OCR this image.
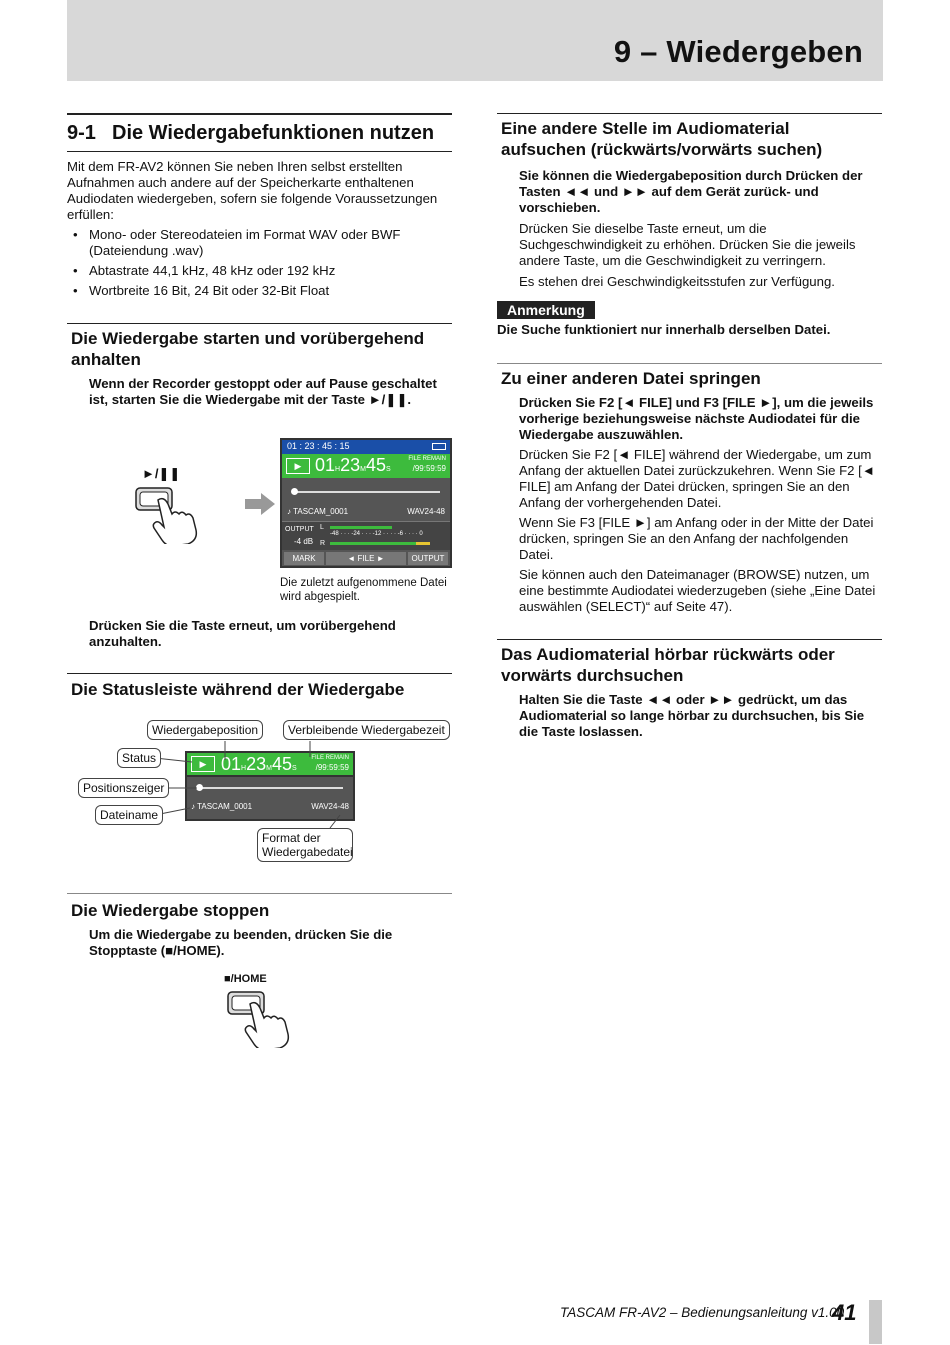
9 – Wiedergeben
9-1 Die Wiedergabefunktionen nutzen

Mit dem FR-AV2 können Sie neben Ihren selbst erstellten Aufnahmen auch andere auf der Speicherkarte enthaltenen Audiodaten wiedergeben, sofern sie folgende Voraussetzungen erfüllen:

• Mono- oder Stereodateien im Format WAV oder BWF (Dateiendung .wav)
• Abtastrate 44,1 kHz, 48 kHz oder 192 kHz
• Wortbreite 16 Bit, 24 Bit oder 32-Bit Float
Die Wiedergabe starten und vorübergehend anhalten

Wenn der Recorder gestoppt oder auf Pause geschaltet ist, starten Sie die Wiedergabe mit der Taste ►/❚❚.

►/❚❚
01 : 23 : 45 : 15
▶ 01H23M45S
FILE REMAIN
/99:59:59
♪ TASCAM_0001	WAV24-48
OUTPUT
-4 dB
L
R
-48 · · · -24 · · · -12 · · · · -6 · · · · 0
MARK	◄ FILE ►	OUTPUT

Die zuletzt aufgenommene Datei wird abgespielt.

Drücken Sie die Taste erneut, um vorübergehend anzuhalten.

Die Statusleiste während der Wiedergabe
▶ 01H23M45S
FILE REMAIN
/99:59:59
♪ TASCAM_0001	WAV24-48
Wiedergabeposition	Verbleibende Wiedergabezeit
Status
Positionszeiger
Dateiname
Format der Wiedergabedatei
Die Wiedergabe stoppen

Um die Wiedergabe zu beenden, drücken Sie die Stopptaste (■/HOME).

■/HOME
Eine andere Stelle im Audiomaterial aufsuchen (rückwärts/vorwärts suchen)

Sie können die Wiedergabeposition durch Drücken der Tasten ◄◄ und ►► auf dem Gerät zurück- und vorschieben.

Drücken Sie dieselbe Taste erneut, um die Suchgeschwindigkeit zu erhöhen. Drücken Sie die jeweils andere Taste, um die Geschwindigkeit zu verringern.

Es stehen drei Geschwindigkeitsstufen zur Verfügung.

Anmerkung

Die Suche funktioniert nur innerhalb derselben Datei.

Zu einer anderen Datei springen

Drücken Sie F2 [◄ FILE] und F3 [FILE ►], um die jeweils vorherige beziehungsweise nächste Audiodatei für die Wiedergabe auszuwählen.

Drücken Sie F2 [◄ FILE] während der Wiedergabe, um zum Anfang der aktuellen Datei zurückzukehren. Wenn Sie F2 [◄ FILE] am Anfang der Datei drücken, springen Sie an den Anfang der vorhergehenden Datei.

Wenn Sie F3 [FILE ►] am Anfang oder in der Mitte der Datei drücken, springen Sie an den Anfang der nachfolgenden Datei.

Sie können auch den Dateimanager (BROWSE) nutzen, um eine bestimmte Audiodatei wiederzugeben (siehe „Eine Datei auswählen (SELECT)“ auf Seite 47).

Das Audiomaterial hörbar rückwärts oder vorwärts durchsuchen

Halten Sie die Taste ◄◄ oder ►► gedrückt, um das Audiomaterial so lange hörbar zu durchsuchen, bis Sie die Taste loslassen.

TASCAM FR-AV2 – Bedienungsanleitung v1.00
41
